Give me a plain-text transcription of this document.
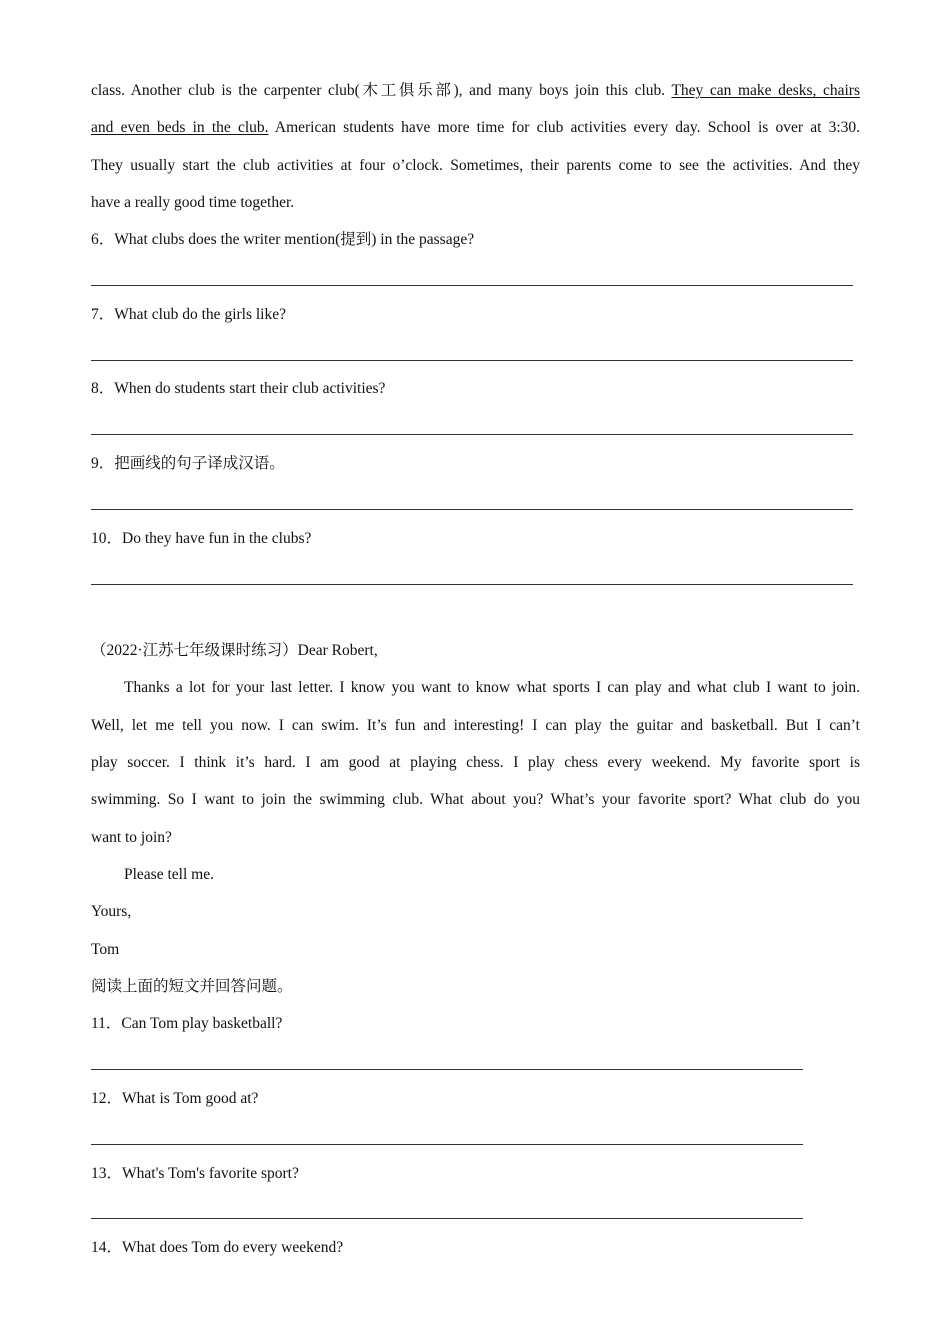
class. Another club is the carpenter club(木工俱乐部), and many boys join this club. They can make desks, chairs
and even beds in the club. American students have more time for club activities every day. School is over at 3:30.
They usually start the club activities at four o’clock. Sometimes, their parents come to see the activities. And they
have a really good time together.
6．What clubs does the writer mention(提到) in the passage?
7．What club do the girls like?
8．When do students start their club activities?
9．把画线的句子译成汉语。
10．Do they have fun in the clubs?
（2022·江苏七年级课时练习）Dear Robert,
Thanks a lot for your last letter. I know you want to know what sports I can play and what club I want to join.
Well, let me tell you now. I can swim. It’s fun and interesting! I can play the guitar and basketball. But I can’t
play soccer. I think it’s hard. I am good at playing chess. I play chess every weekend. My favorite sport is
swimming. So I want to join the swimming club. What about you? What’s your favorite sport? What club do you
want to join?
Please tell me.
Yours,
Tom
阅读上面的短文并回答问题。
11．Can Tom play basketball?
12．What is Tom good at?
13．What's Tom's favorite sport?
14．What does Tom do every weekend?
